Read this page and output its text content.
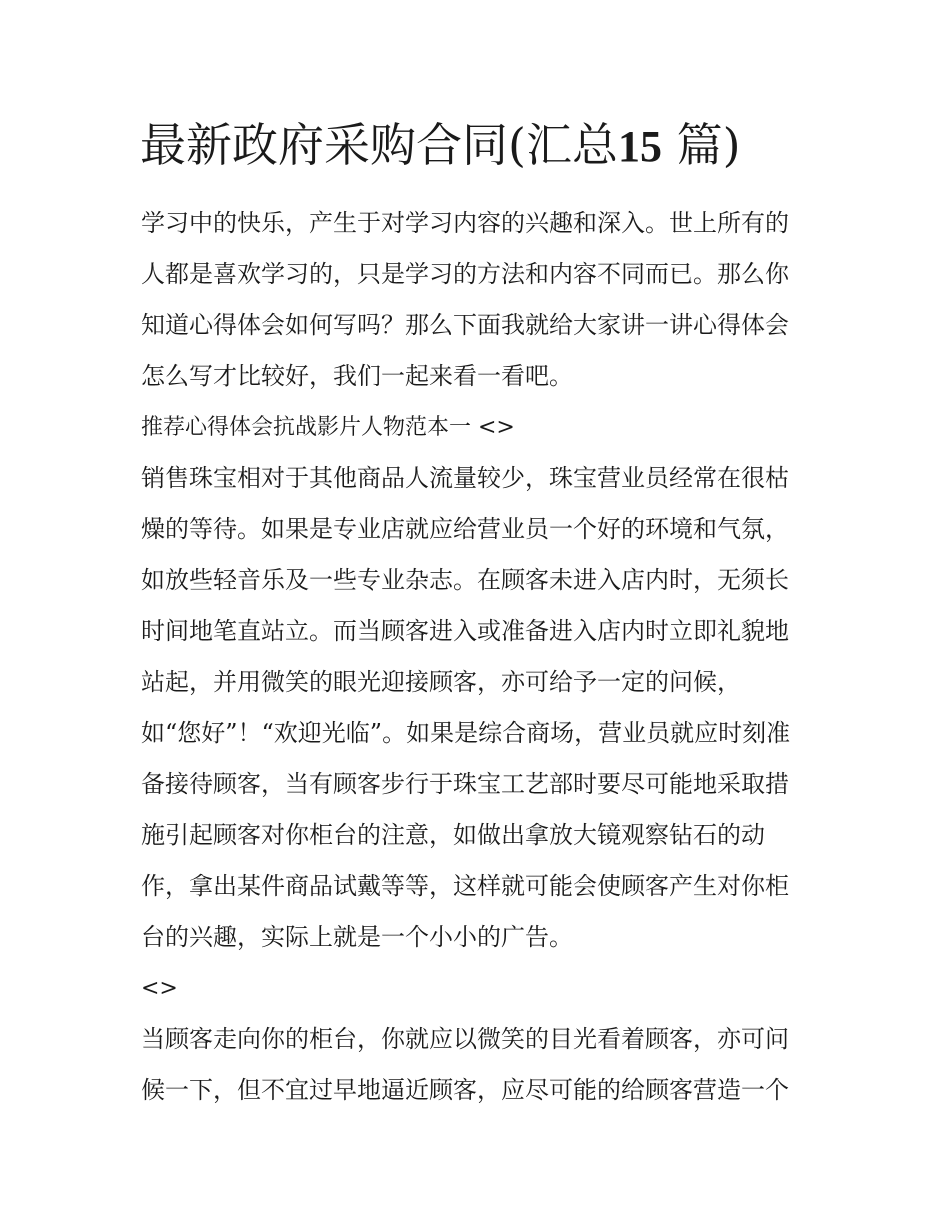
最新政府采购合同(汇总15 篇)
学习中的快乐，产生于对学习内容的兴趣和深入。世上所有的
人都是喜欢学习的，只是学习的方法和内容不同而已。那么你
知道心得体会如何写吗？那么下面我就给大家讲一讲心得体会
怎么写才比较好，我们一起来看一看吧。
推荐心得体会抗战影片人物范本一 <>
销售珠宝相对于其他商品人流量较少，珠宝营业员经常在很枯
燥的等待。如果是专业店就应给营业员一个好的环境和气氛，
如放些轻音乐及一些专业杂志。在顾客未进入店内时，无须长
时间地笔直站立。而当顾客进入或准备进入店内时立即礼貌地
站起，并用微笑的眼光迎接顾客，亦可给予一定的问候，
如“您好”！“欢迎光临”。如果是综合商场，营业员就应时刻准
备接待顾客，当有顾客步行于珠宝工艺部时要尽可能地采取措
施引起顾客对你柜台的注意，如做出拿放大镜观察钻石的动
作，拿出某件商品试戴等等，这样就可能会使顾客产生对你柜
台的兴趣，实际上就是一个小小的广告。
<>
当顾客走向你的柜台，你就应以微笑的目光看着顾客，亦可问
候一下，但不宜过早地逼近顾客，应尽可能的给顾客营造一个
